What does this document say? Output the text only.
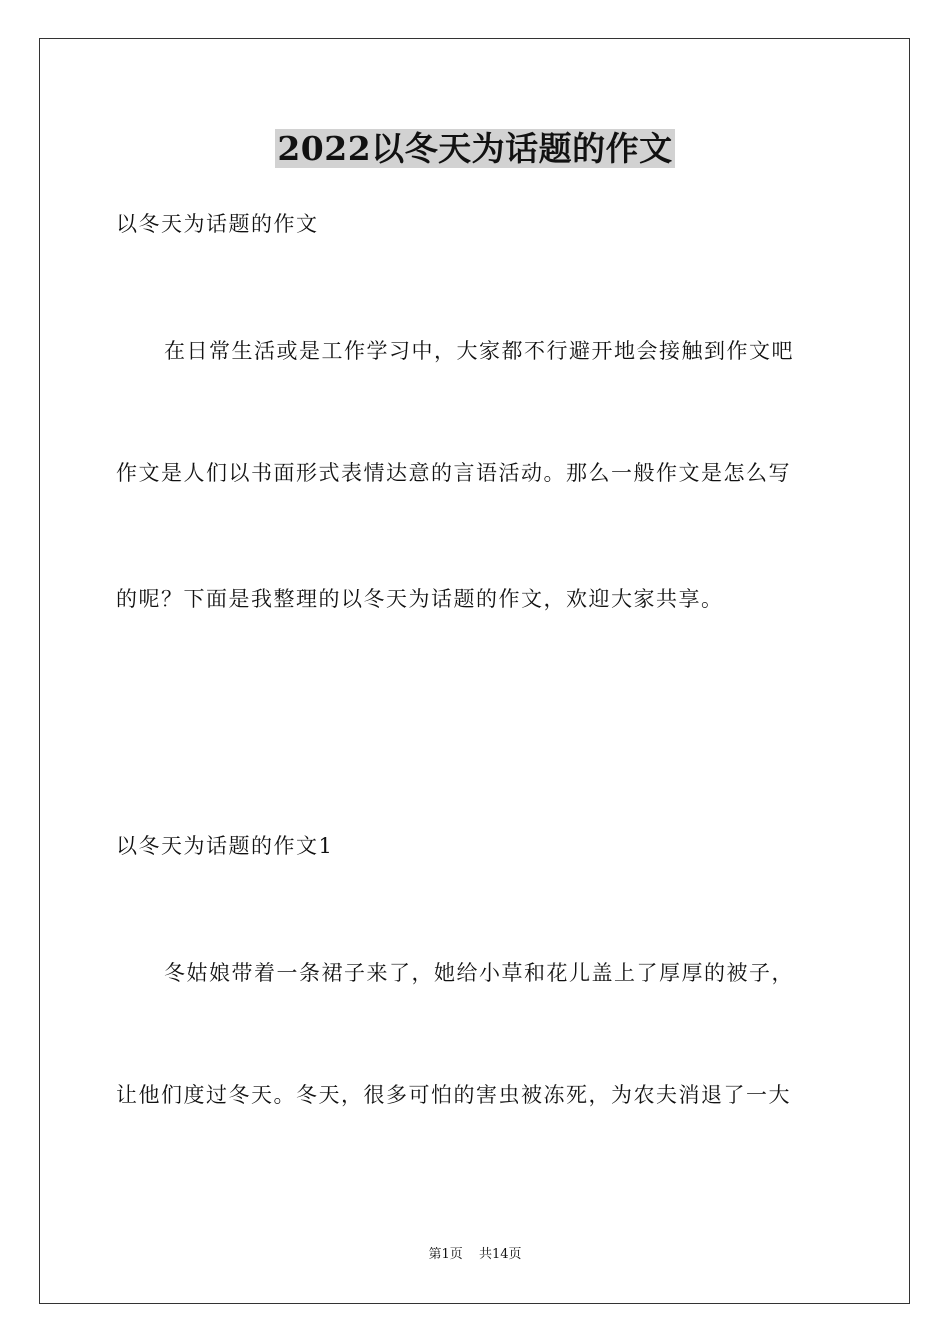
2022以冬天为话题的作文
以冬天为话题的作文
在日常生活或是工作学习中，大家都不行避开地会接触到作文吧
作文是人们以书面形式表情达意的言语活动。那么一般作文是怎么写
的呢？下面是我整理的以冬天为话题的作文，欢迎大家共享。
以冬天为话题的作文1
冬姑娘带着一条裙子来了，她给小草和花儿盖上了厚厚的被子，
让他们度过冬天。冬天，很多可怕的害虫被冻死，为农夫消退了一大
第1页 共14页
